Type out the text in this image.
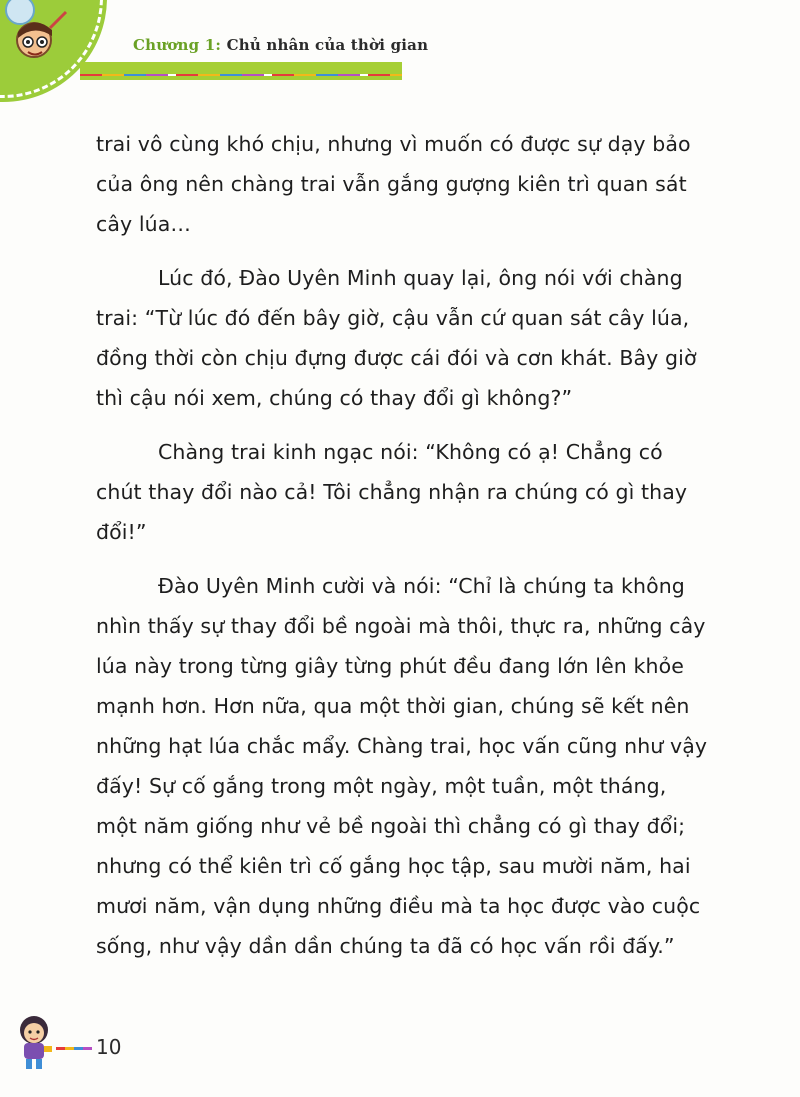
Chương 1: Chủ nhân của thời gian

trai vô cùng khó chịu, nhưng vì muốn có được sự dạy bảo của ông nên chàng trai vẫn gắng gượng kiên trì quan sát cây lúa…

Lúc đó, Đào Uyên Minh quay lại, ông nói với chàng trai: “Từ lúc đó đến bây giờ, cậu vẫn cứ quan sát cây lúa, đồng thời còn chịu đựng được cái đói và cơn khát. Bây giờ thì cậu nói xem, chúng có thay đổi gì không?”

Chàng trai kinh ngạc nói: “Không có ạ! Chẳng có chút thay đổi nào cả! Tôi chẳng nhận ra chúng có gì thay đổi!”

Đào Uyên Minh cười và nói: “Chỉ là chúng ta không nhìn thấy sự thay đổi bề ngoài mà thôi, thực ra, những cây lúa này trong từng giây từng phút đều đang lớn lên khỏe mạnh hơn. Hơn nữa, qua một thời gian, chúng sẽ kết nên những hạt lúa chắc mẩy. Chàng trai, học vấn cũng như vậy đấy! Sự cố gắng trong một ngày, một tuần, một tháng, một năm giống như vẻ bề ngoài thì chẳng có gì thay đổi; nhưng có thể kiên trì cố gắng học tập, sau mười năm, hai mươi năm, vận dụng những điều mà ta học được vào cuộc sống, như vậy dần dần chúng ta đã có học vấn rồi đấy.”

10
